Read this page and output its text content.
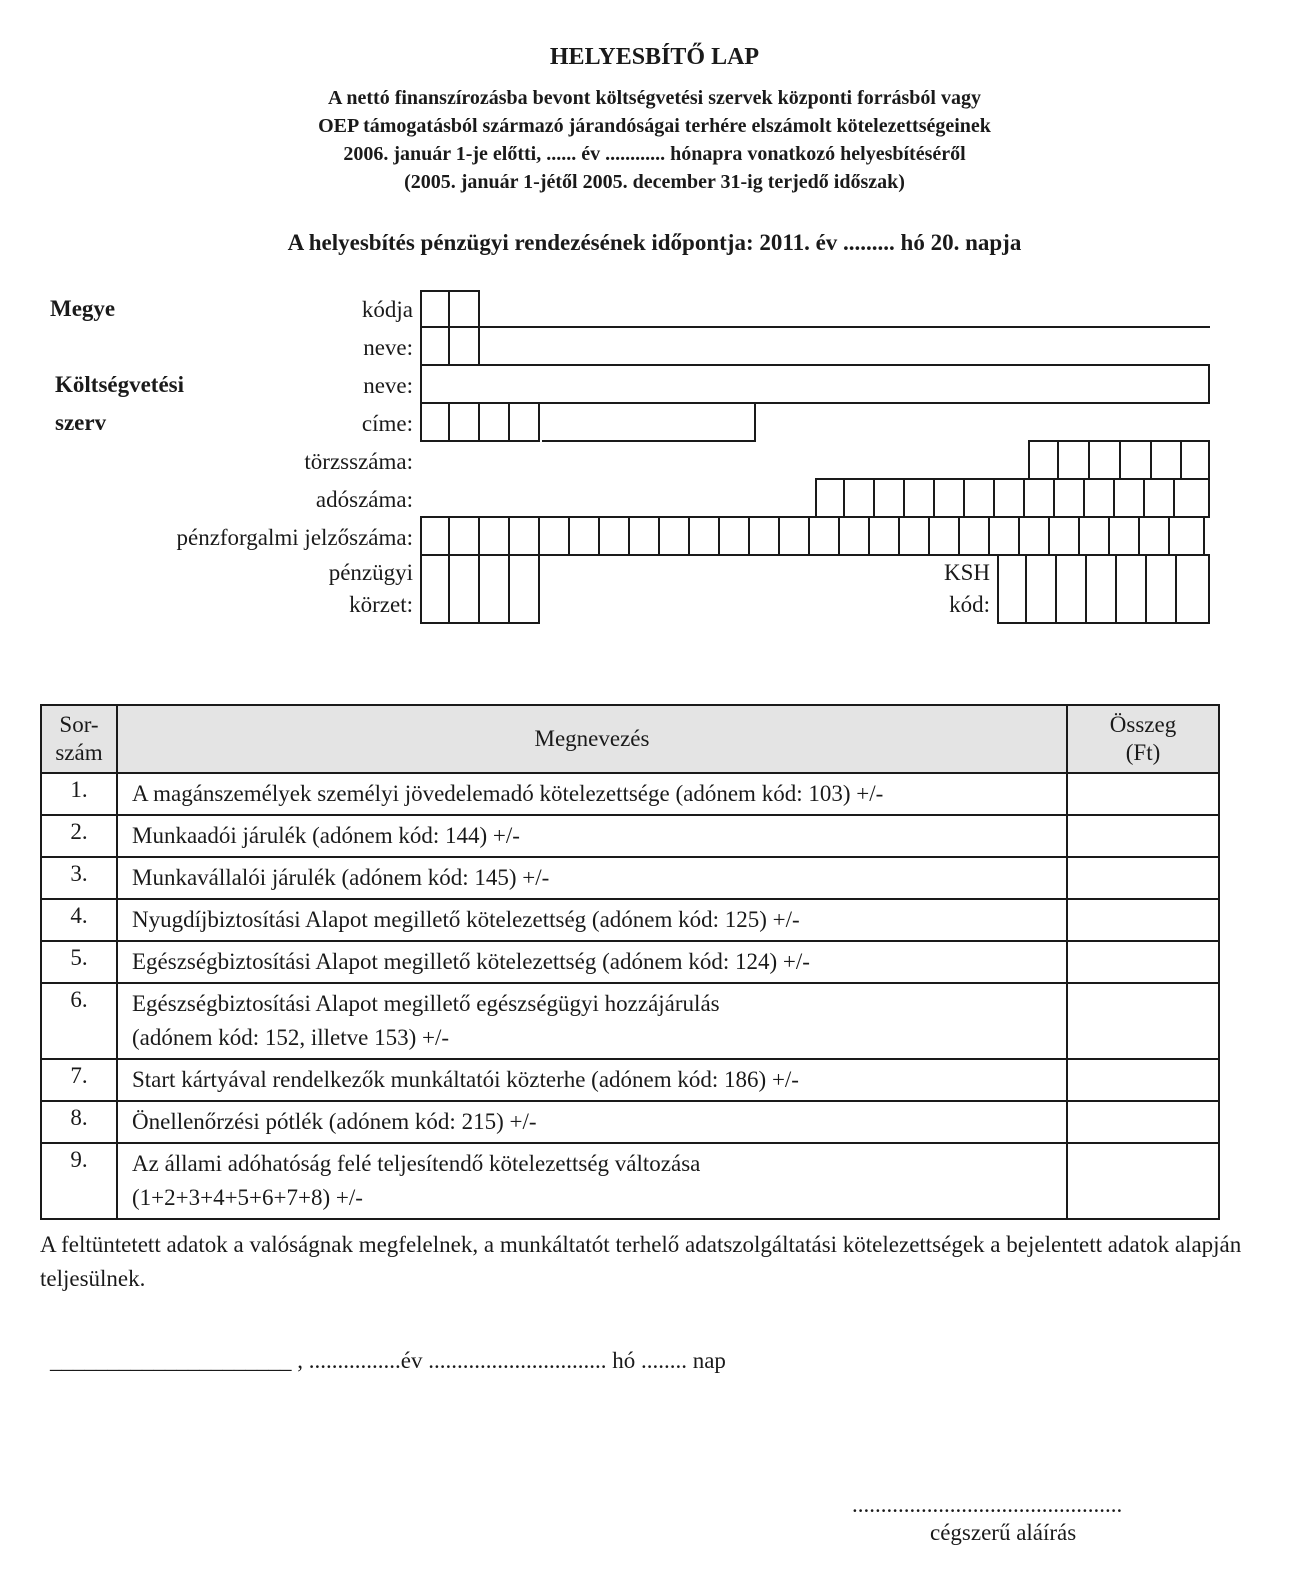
HELYESBÍTŐ LAP
A nettó finanszírozásba bevont költségvetési szervek központi forrásból vagy
OEP támogatásból származó járandóságai terhére elszámolt kötelezettségeinek
2006. január 1-je előtti, ...... év ............ hónapra vonatkozó helyesbítéséről
(2005. január 1-jétől 2005. december 31-ig terjedő időszak)
A helyesbítés pénzügyi rendezésének időpontja: 2011. év ......... hó 20. napja
Megye
Költségvetési
szerv
kódja
neve:
neve:
címe:
törzsszáma:
adószáma:
pénzforgalmi jelzőszáma:
pénzügyi
körzet:
KSH
kód:
Sor-
szám	Megnevezés	Összeg
(Ft)
1.	A magánszemélyek személyi jövedelemadó kötelezettsége (adónem kód: 103) +/-	
2.	Munkaadói járulék (adónem kód: 144) +/-	
3.	Munkavállalói járulék (adónem kód: 145) +/-	
4.	Nyugdíjbiztosítási Alapot megillető kötelezettség (adónem kód: 125) +/-	
5.	Egészségbiztosítási Alapot megillető kötelezettség (adónem kód: 124) +/-	
6.	Egészségbiztosítási Alapot megillető egészségügyi hozzájárulás
(adónem kód: 152, illetve 153) +/-	
7.	Start kártyával rendelkezők munkáltatói közterhe (adónem kód: 186) +/-	
8.	Önellenőrzési pótlék (adónem kód: 215) +/-	
9.	Az állami adóhatóság felé teljesítendő kötelezettség változása
(1+2+3+4+5+6+7+8) +/-	
A feltüntetett adatok a valóságnak megfelelnek, a munkáltatót terhelő adatszolgáltatási kötelezettségek a bejelentett adatok alapján teljesülnek.
_____________________ , ................év ............................... hó ........ nap
...............................................
cégszerű aláírás
